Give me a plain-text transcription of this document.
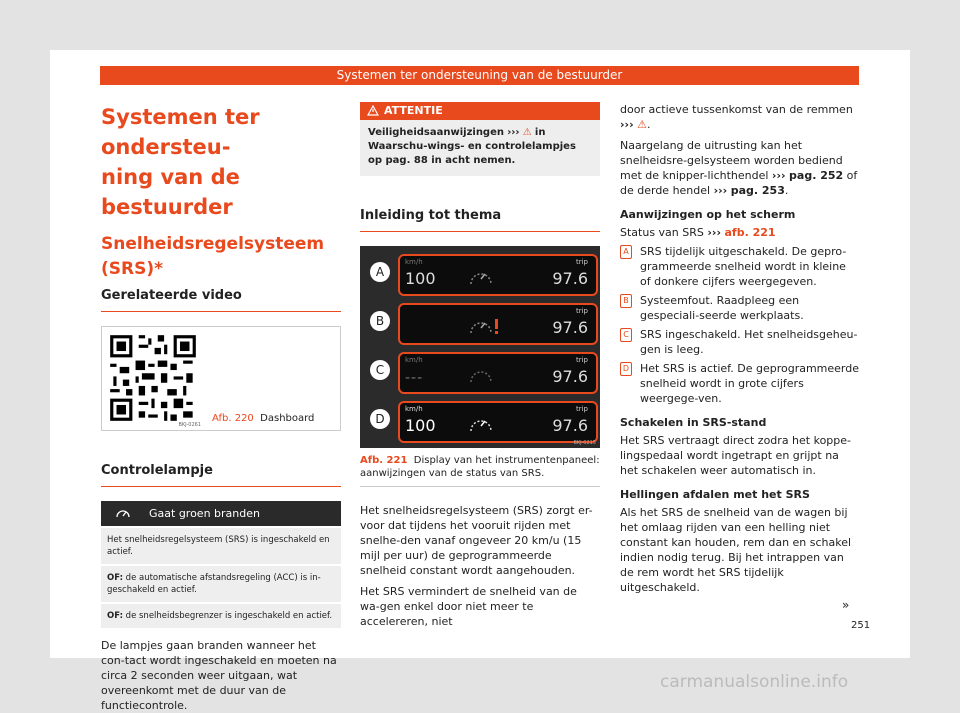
Systemen ter ondersteuning van de bestuurder

Systemen ter ondersteu-
ning van de bestuurder

Snelheidsregelsysteem
(SRS)*

Gerelateerde video

BKJ-0261
Afb. 220 Dashboard

Controlelampje

Gaat groen branden
Het snelheidsregelsysteem (SRS) is ingeschakeld en actief.
OF: de automatische afstandsregeling (ACC) is in-geschakeld en actief.
OF: de snelheidsbegrenzer is ingeschakeld en actief.

De lampjes gaan branden wanneer het con-tact wordt ingeschakeld en moeten na circa 2 seconden weer uitgaan, wat overeenkomt met de duur van de functiecontrole.

ATTENTIE
Veiligheidsaanwijzingen ››› ⚠ in Waarschu-wings- en controlelampjes op pag. 88 in acht nemen.

Inleiding tot thema

A
km/h
100
trip
97.6
B
trip
97.6
C
km/h
---
trip
97.6
D
km/h
100
trip
97.6
BKJ-0215
Afb. 221 Display van het instrumentenpaneel: aanwijzingen van de status van SRS.

Het snelheidsregelsysteem (SRS) zorgt er-voor dat tijdens het vooruit rijden met snelhe-den vanaf ongeveer 20 km/u (15 mijl per uur) de geprogrammeerde snelheid constant wordt aangehouden.

Het SRS vermindert de snelheid van de wa-gen enkel door niet meer te accelereren, niet

door actieve tussenkomst van de remmen
››› ⚠.

Naargelang de uitrusting kan het snelheidsre-gelsysteem worden bediend met de knipper-lichthendel ››› pag. 252 of de derde hendel ››› pag. 253.

Aanwijzingen op het scherm

Status van SRS ››› afb. 221

A SRS tijdelijk uitgeschakeld. De gepro-grammeerde snelheid wordt in kleine of donkere cijfers weergegeven.
B Systeemfout. Raadpleeg een gespeciali-seerde werkplaats.
C SRS ingeschakeld. Het snelheidsgeheu-gen is leeg.
D Het SRS is actief. De geprogrammeerde snelheid wordt in grote cijfers weergege-ven.

Schakelen in SRS-stand

Het SRS vertraagt direct zodra het koppe-lingspedaal wordt ingetrapt en grijpt na het schakelen weer automatisch in.

Hellingen afdalen met het SRS

Als het SRS de snelheid van de wagen bij het omlaag rijden van een helling niet constant kan houden, rem dan en schakel indien nodig terug. Bij het intrappen van de rem wordt het SRS tijdelijk uitgeschakeld.

»
251
carmanualsonline.info
